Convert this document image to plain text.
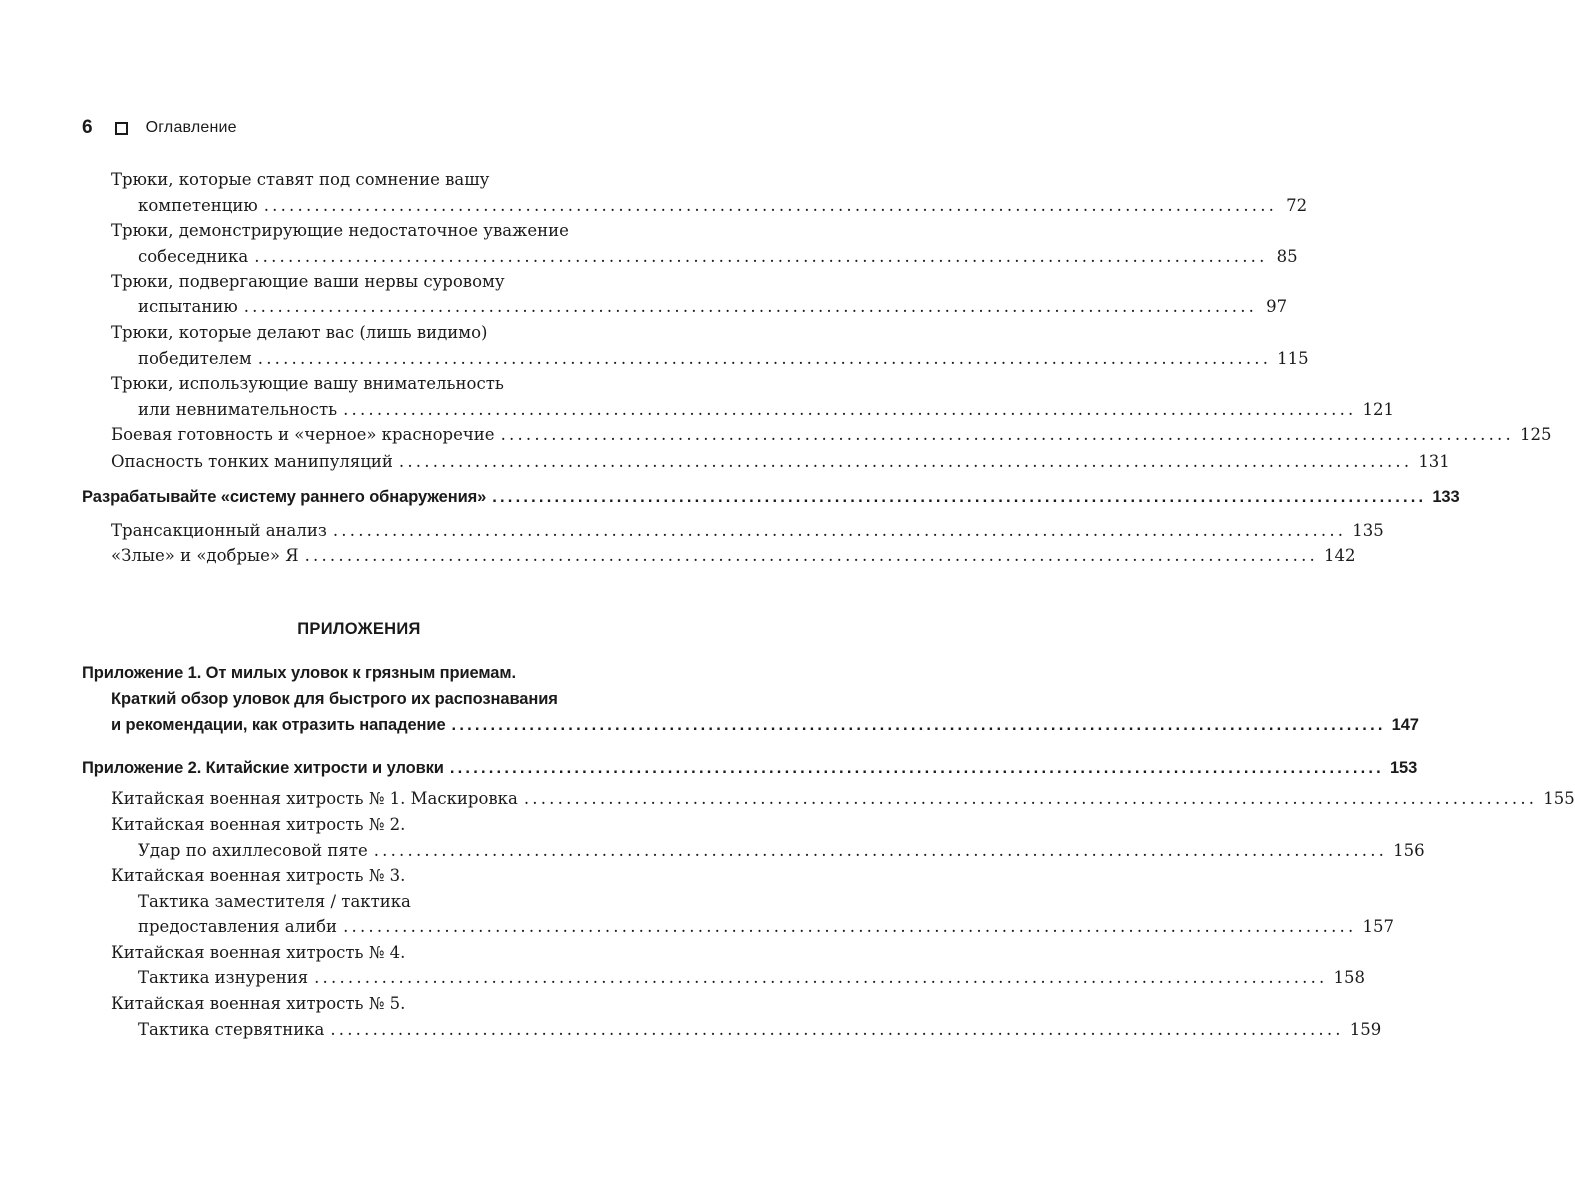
6	Оглавление
Трюки, которые ставят под сомнение вашу
компетенцию ........................................................................................................................ 72
Трюки, демонстрирующие недостаточное уважение
собеседника ........................................................................................................................ 85
Трюки, подвергающие ваши нервы суровому
испытанию ........................................................................................................................ 97
Трюки, которые делают вас (лишь видимо)
победителем ........................................................................................................................ 115
Трюки, использующие вашу внимательность
или невнимательность ........................................................................................................................ 121
Боевая готовность и «черное» красноречие ........................................................................................................................ 125
Опасность тонких манипуляций ........................................................................................................................ 131
Разрабатывайте «систему раннего обнаружения» ........................................................................................................................ 133
Трансакционный анализ ........................................................................................................................ 135
«Злые» и «добрые» Я ........................................................................................................................ 142
ПРИЛОЖЕНИЯ
Приложение 1. От милых уловок к грязным приемам.
Краткий обзор уловок для быстрого их распознавания
и рекомендации, как отразить нападение ........................................................................................................................ 147
Приложение 2. Китайские хитрости и уловки ........................................................................................................................ 153
Китайская военная хитрость № 1. Маскировка ........................................................................................................................ 155
Китайская военная хитрость № 2.
Удар по ахиллесовой пяте ........................................................................................................................ 156
Китайская военная хитрость № 3.
Тактика заместителя / тактика
предоставления алиби ........................................................................................................................ 157
Китайская военная хитрость № 4.
Тактика изнурения ........................................................................................................................ 158
Китайская военная хитрость № 5.
Тактика стервятника ........................................................................................................................ 159
